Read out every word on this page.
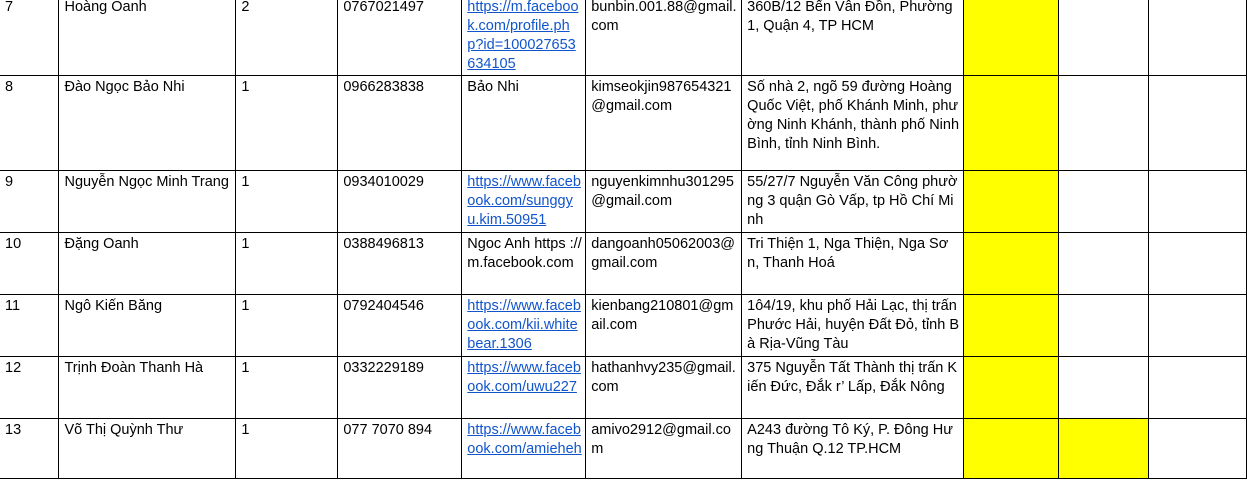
7	Hoàng Oanh	2	0767021497	https://m.facebook.com/profile.php?id=100027653634105	bunbin.001.88@gmail.com	360B/12 Bến Vân Đồn, Phường 1, Quận 4, TP HCM			
8	Đào Ngọc Bảo Nhi	1	0966283838	Bảo Nhi	kimseokjin987654321@gmail.com	Số nhà 2, ngõ 59 đường Hoàng Quốc Việt, phố Khánh Minh, phường Ninh Khánh, thành phố Ninh Bình, tỉnh Ninh Bình.			
9	Nguyễn Ngọc Minh Trang	1	0934010029	https://www.facebook.com/sunggyu.kim.50951	nguyenkimnhu301295@gmail.com	55/27/7 Nguyễn Văn Công phường 3 quận Gò Vấp, tp Hồ Chí Minh			
10	Đặng Oanh	1	0388496813	Ngoc Anh https ://m.facebook.com	dangoanh05062003@gmail.com	Tri Thiện 1, Nga Thiện, Nga Sơn, Thanh Hoá			
11	Ngô Kiến Băng	1	0792404546	https://www.facebook.com/kii.whitebear.1306	kienbang210801@gmail.com	1ô4/19, khu phố Hải Lạc, thị trấn Phước Hải, huyện Đất Đỏ, tỉnh Bà Rịa-Vũng Tàu			
12	Trịnh Đoàn Thanh Hà	1	0332229189	https://www.facebook.com/uwu227	hathanhvy235@gmail.com	375 Nguyễn Tất Thành thị trấn Kiến Đức, Đắk r’ Lấp, Đắk Nông			
13	Võ Thị Quỳnh Thư	1	077 7070 894	https://www.facebook.com/amieheh	amivo2912@gmail.com	A243 đường Tô Ký, P. Đông Hưng Thuận Q.12 TP.HCM			
